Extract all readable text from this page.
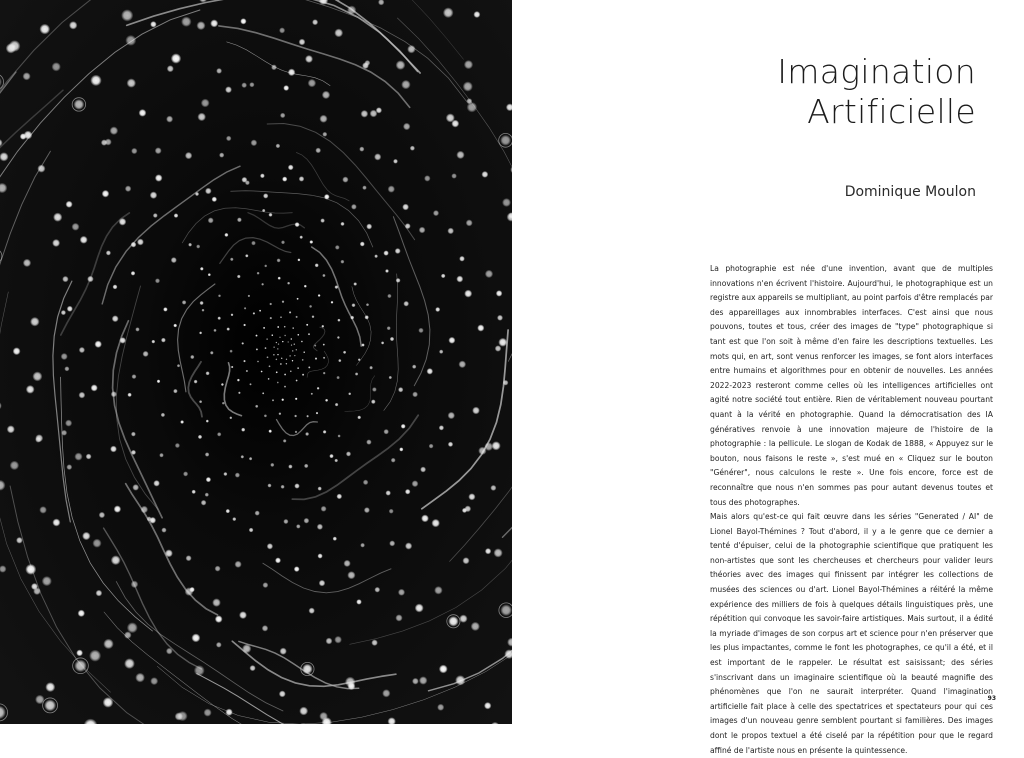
Imagination
Artificielle
Dominique Moulon

La photographie est née d'une invention, avant que de multiples innovations n'en écrivent l'histoire. Aujourd'hui, le photographique est un registre aux appareils se multipliant, au point parfois d'être remplacés par des appareillages aux innombrables interfaces. C'est ainsi que nous pouvons, toutes et tous, créer des images de "type" photographique si tant est que l'on soit à même d'en faire les descriptions textuelles. Les mots qui, en art, sont venus renforcer les images, se font alors interfaces entre humains et algorithmes pour en obtenir de nouvelles. Les années 2022-2023 resteront comme celles où les intelligences artificielles ont agité notre société tout entière. Rien de véritablement nouveau pourtant quant à la vérité en photographie. Quand la démocratisation des IA génératives renvoie à une innovation majeure de l'histoire de la photographie : la pellicule. Le slogan de Kodak de 1888, « Appuyez sur le bouton, nous faisons le reste », s'est mué en « Cliquez sur le bouton "Générer", nous calculons le reste ». Une fois encore, force est de reconnaître que nous n'en sommes pas pour autant devenus toutes et tous des photographes.

Mais alors qu'est-ce qui fait œuvre dans les séries "Generated / AI" de Lionel Bayol-Thémines ? Tout d'abord, il y a le genre que ce dernier a tenté d'épuiser, celui de la photographie scientifique que pratiquent les non-artistes que sont les chercheuses et chercheurs pour valider leurs théories avec des images qui finissent par intégrer les collections de musées des sciences ou d'art. Lionel Bayol-Thémines a réitéré la même expérience des milliers de fois à quelques détails linguistiques près, une répétition qui convoque les savoir-faire artistiques. Mais surtout, il a édité la myriade d'images de son corpus art et science pour n'en préserver que les plus impactantes, comme le font les photographes, ce qu'il a été, et il est important de le rappeler. Le résultat est saisissant; des séries s'inscrivant dans un imaginaire scientifique où la beauté magnifie des phénomènes que l'on ne saurait interpréter. Quand l'imagination artificielle fait place à celle des spectatrices et spectateurs pour qui ces images d'un nouveau genre semblent pourtant si familières. Des images dont le propos textuel a été ciselé par la répétition pour que le regard affiné de l'artiste nous en présente la quintessence.

93
